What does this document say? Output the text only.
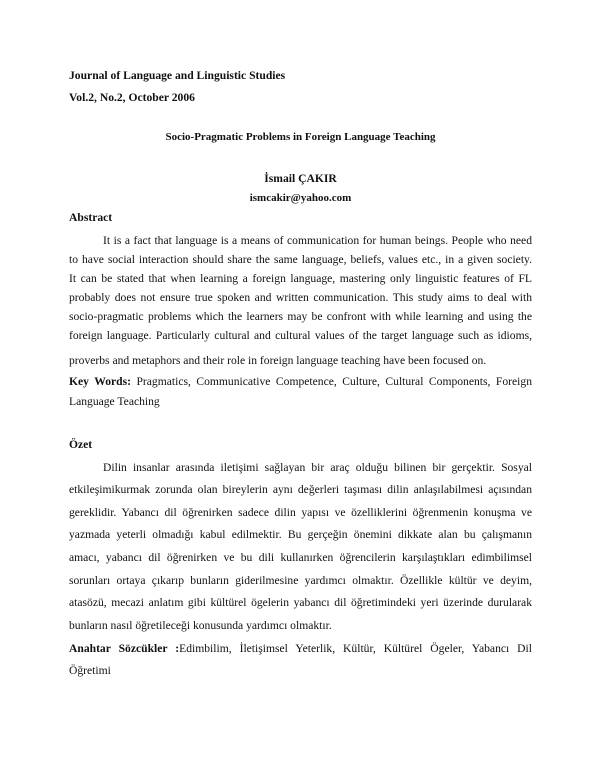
Journal of Language and Linguistic Studies
Vol.2, No.2, October 2006
Socio-Pragmatic Problems in Foreign Language Teaching
İsmail ÇAKIR
ismcakir@yahoo.com
Abstract
It is a fact that language is a means of communication for human beings. People who need
to have social interaction should share the same language, beliefs, values etc., in a given society.
It can be stated that when learning a foreign language, mastering only linguistic features of FL
probably does not ensure true spoken and written communication. This study aims to deal with
socio-pragmatic problems which the learners may be confront with while learning and using the
foreign language. Particularly cultural and cultural values of the target language such as idioms,
proverbs and metaphors and their role in foreign language teaching have been focused on.
Key Words: Pragmatics, Communicative Competence, Culture, Cultural Components, Foreign
Language Teaching
Özet
Dilin insanlar arasında iletişimi sağlayan bir araç olduğu bilinen bir gerçektir. Sosyal
etkileşimikurmak zorunda olan bireylerin aynı değerleri taşıması dilin anlaşılabilmesi açısından
gereklidir. Yabancı dil öğrenirken sadece dilin yapısı ve özelliklerini öğrenmenin konuşma ve
yazmada yeterli olmadığı kabul edilmektir. Bu gerçeğin önemini dikkate alan bu çalışmanın
amacı, yabancı dil öğrenirken ve bu dili kullanırken öğrencilerin karşılaştıkları edimbilimsel
sorunları ortaya çıkarıp bunların giderilmesine yardımcı olmaktır. Özellikle kültür ve deyim,
atasözü, mecazi anlatım gibi kültürel ögelerin yabancı dil öğretimindeki yeri üzerinde durularak
bunların nasıl öğretileceği konusunda yardımcı olmaktır.
Anahtar Sözcükler :Edimbilim, İletişimsel Yeterlik, Kültür, Kültürel Ögeler, Yabancı Dil
Öğretimi
